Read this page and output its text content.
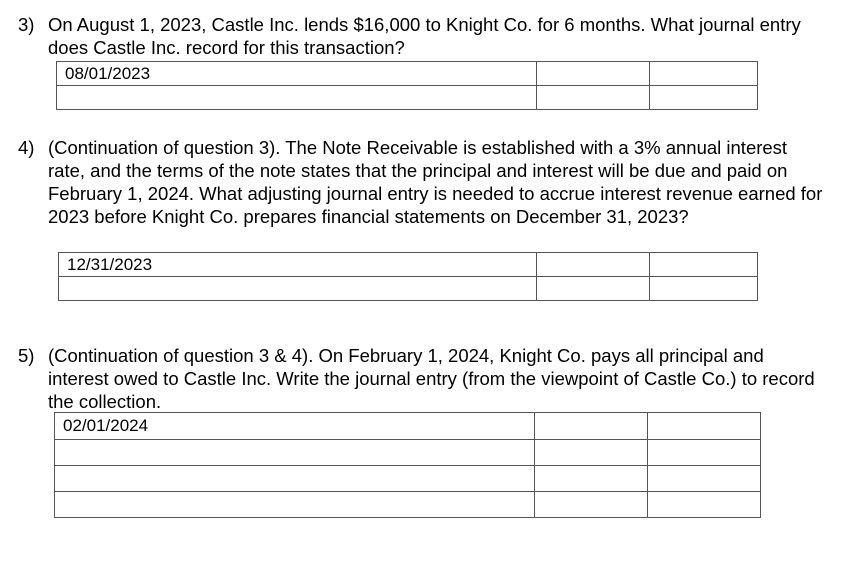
3) On August 1, 2023, Castle Inc. lends $16,000 to Knight Co. for 6 months. What journal entry does Castle Inc. record for this transaction?
08/01/2023		

4) (Continuation of question 3). The Note Receivable is established with a 3% annual interest rate, and the terms of the note states that the principal and interest will be due and paid on February 1, 2024. What adjusting journal entry is needed to accrue interest revenue earned for 2023 before Knight Co. prepares financial statements on December 31, 2023?
12/31/2023		

5) (Continuation of question 3 & 4). On February 1, 2024, Knight Co. pays all principal and interest owed to Castle Inc. Write the journal entry (from the viewpoint of Castle Co.) to record the collection.
02/01/2024		
